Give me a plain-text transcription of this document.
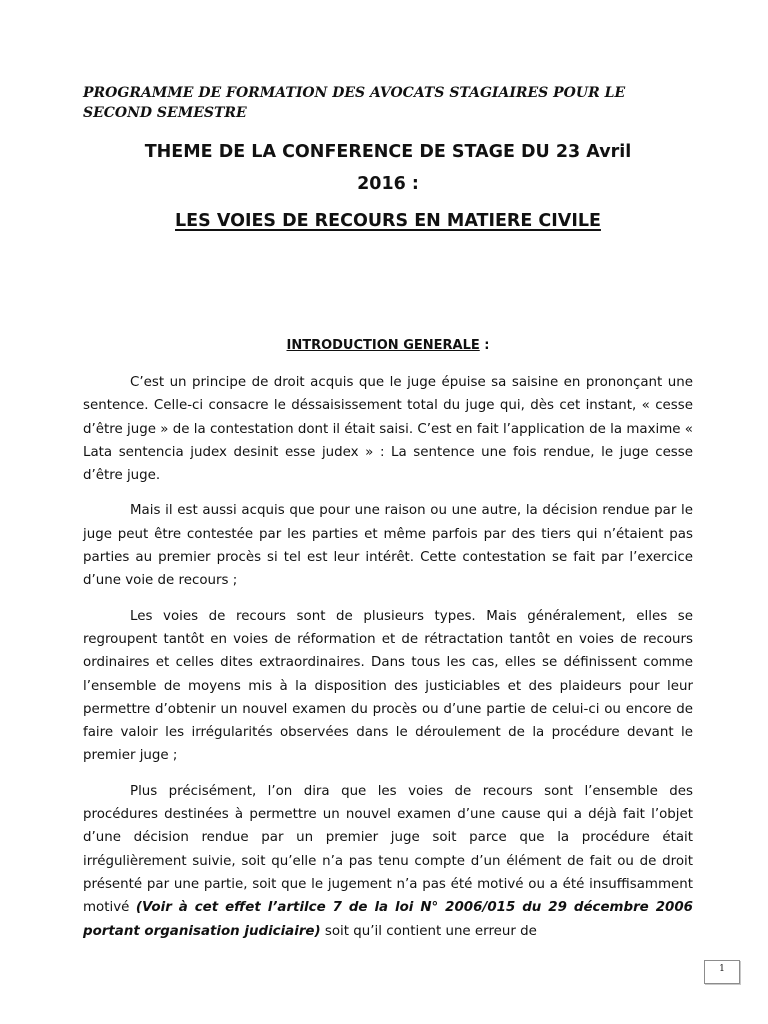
PROGRAMME DE FORMATION DES AVOCATS STAGIAIRES POUR LE SECOND SEMESTRE
THEME DE LA CONFERENCE DE STAGE DU 23 Avril
2016 :
LES VOIES DE RECOURS EN MATIERE CIVILE
INTRODUCTION GENERALE :

C’est un principe de droit acquis que le juge épuise sa saisine en prononçant une sentence. Celle-ci consacre le déssaisissement total du juge qui, dès cet instant, « cesse d’être juge » de la contestation dont il était saisi. C’est en fait l’application de la maxime « Lata sentencia judex desinit esse judex » : La sentence une fois rendue, le juge cesse d’être juge.

Mais il est aussi acquis que pour une raison ou une autre, la décision rendue par le juge peut être contestée par les parties et même parfois par des tiers qui n’étaient pas parties au premier procès si tel est leur intérêt. Cette contestation se fait par l’exercice d’une voie de recours ;

Les voies de recours sont de plusieurs types. Mais généralement, elles se regroupent tantôt en voies de réformation et de rétractation tantôt en voies de recours ordinaires et celles dites extraordinaires. Dans tous les cas, elles se définissent comme l’ensemble de moyens mis à la disposition des justiciables et des plaideurs pour leur permettre d’obtenir un nouvel examen du procès ou d’une partie de celui-ci ou encore de faire valoir les irrégularités observées dans le déroulement de la procédure devant le premier juge ;

Plus précisément, l’on dira que les voies de recours sont l’ensemble des procédures destinées à permettre un nouvel examen d’une cause qui a déjà fait l’objet d’une décision rendue par un premier juge soit parce que la procédure était irrégulièrement suivie, soit qu’elle n’a pas tenu compte d’un élément de fait ou de droit présenté par une partie, soit que le jugement n’a pas été motivé ou a été insuffisamment motivé (Voir à cet effet l’artilce 7 de la loi N° 2006/015 du 29 décembre 2006 portant organisation judiciaire) soit qu’il contient une erreur de

1
